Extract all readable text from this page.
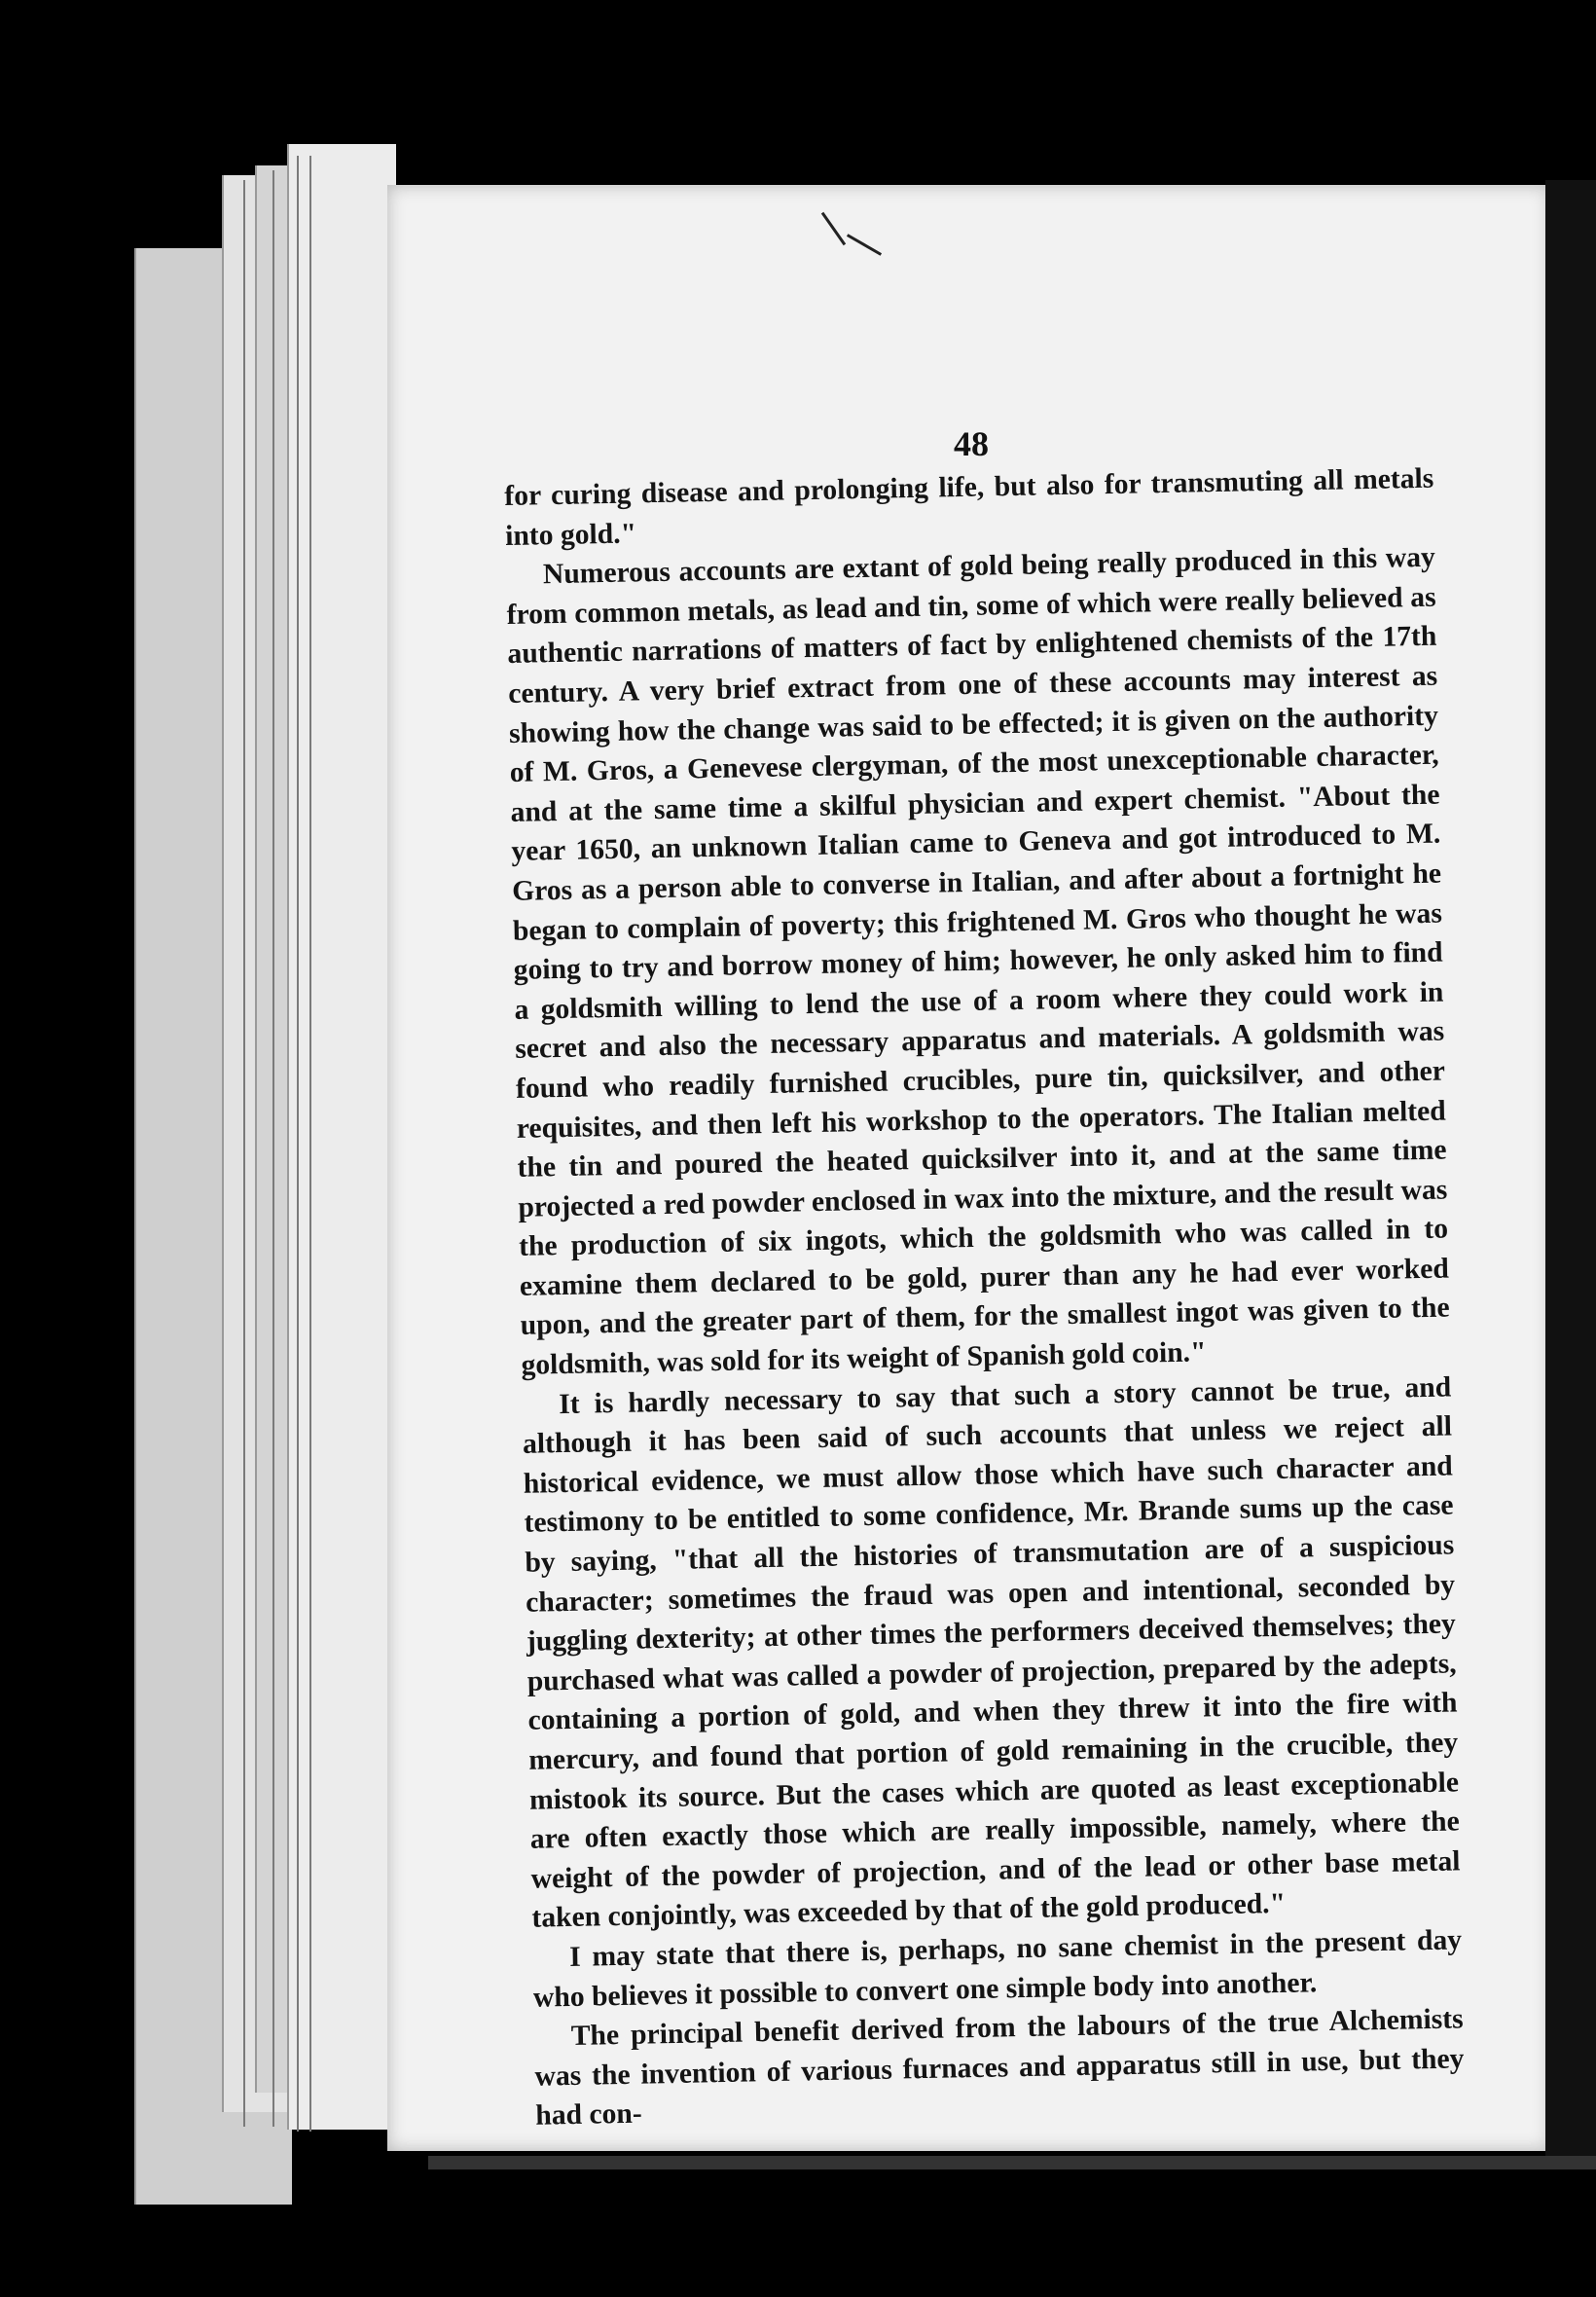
48

for curing disease and prolonging life, but also for transmuting all metals into gold."

Numerous accounts are extant of gold being really produced in this way from common metals, as lead and tin, some of which were really believed as authentic narrations of matters of fact by enlightened chemists of the 17th century. A very brief extract from one of these accounts may interest as showing how the change was said to be effected; it is given on the authority of M. Gros, a Genevese clergyman, of the most unexceptionable character, and at the same time a skilful physician and expert chemist. "About the year 1650, an unknown Italian came to Geneva and got introduced to M. Gros as a person able to converse in Italian, and after about a fortnight he began to complain of poverty; this frightened M. Gros who thought he was going to try and borrow money of him; however, he only asked him to find a goldsmith willing to lend the use of a room where they could work in secret and also the necessary apparatus and materials. A goldsmith was found who readily furnished crucibles, pure tin, quicksilver, and other requisites, and then left his workshop to the operators. The Italian melted the tin and poured the heated quicksilver into it, and at the same time projected a red powder enclosed in wax into the mixture, and the result was the production of six ingots, which the goldsmith who was called in to examine them declared to be gold, purer than any he had ever worked upon, and the greater part of them, for the smallest ingot was given to the goldsmith, was sold for its weight of Spanish gold coin."

It is hardly necessary to say that such a story cannot be true, and although it has been said of such accounts that unless we reject all historical evidence, we must allow those which have such character and testimony to be entitled to some confidence, Mr. Brande sums up the case by saying, "that all the histories of transmutation are of a suspicious character; sometimes the fraud was open and intentional, seconded by juggling dexterity; at other times the performers deceived themselves; they purchased what was called a powder of projection, prepared by the adepts, containing a portion of gold, and when they threw it into the fire with mercury, and found that portion of gold remaining in the crucible, they mistook its source. But the cases which are quoted as least exceptionable are often exactly those which are really impossible, namely, where the weight of the powder of projection, and of the lead or other base metal taken conjointly, was exceeded by that of the gold produced."

I may state that there is, perhaps, no sane chemist in the present day who believes it possible to convert one simple body into another.

The principal benefit derived from the labours of the true Alchemists was the invention of various furnaces and apparatus still in use, but they had con-
